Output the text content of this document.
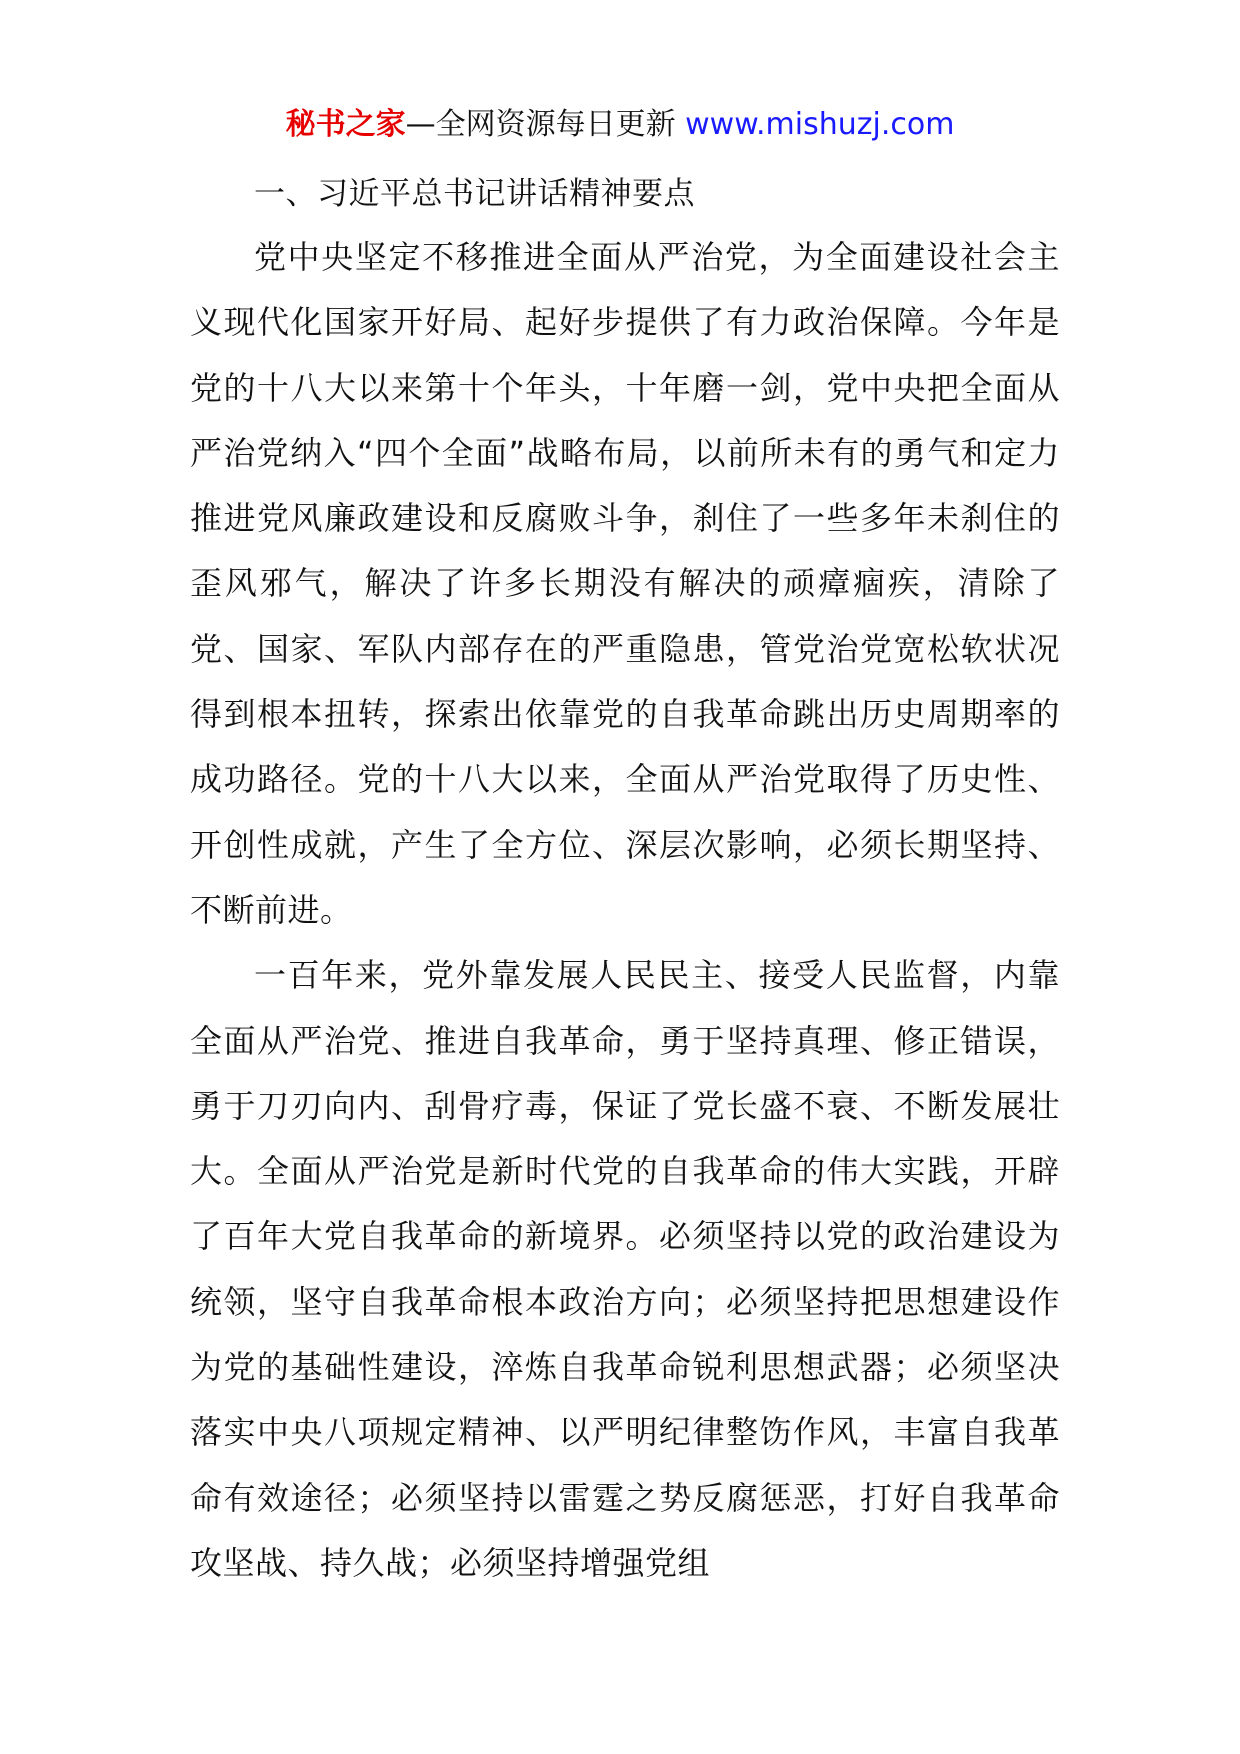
秘书之家—全网资源每日更新 www.mishuzj.com

一、习近平总书记讲话精神要点

党中央坚定不移推进全面从严治党，为全面建设社会主义现代化国家开好局、起好步提供了有力政治保障。今年是党的十八大以来第十个年头，十年磨一剑，党中央把全面从严治党纳入“四个全面”战略布局，以前所未有的勇气和定力推进党风廉政建设和反腐败斗争，刹住了一些多年未刹住的歪风邪气，解决了许多长期没有解决的顽瘴痼疾，清除了党、国家、军队内部存在的严重隐患，管党治党宽松软状况得到根本扭转，探索出依靠党的自我革命跳出历史周期率的成功路径。党的十八大以来，全面从严治党取得了历史性、开创性成就，产生了全方位、深层次影响，必须长期坚持、不断前进。

一百年来，党外靠发展人民民主、接受人民监督，内靠全面从严治党、推进自我革命，勇于坚持真理、修正错误，勇于刀刃向内、刮骨疗毒，保证了党长盛不衰、不断发展壮大。全面从严治党是新时代党的自我革命的伟大实践，开辟了百年大党自我革命的新境界。必须坚持以党的政治建设为统领，坚守自我革命根本政治方向；必须坚持把思想建设作为党的基础性建设，淬炼自我革命锐利思想武器；必须坚决落实中央八项规定精神、以严明纪律整饬作风，丰富自我革命有效途径；必须坚持以雷霆之势反腐惩恶，打好自我革命攻坚战、持久战；必须坚持增强党组
